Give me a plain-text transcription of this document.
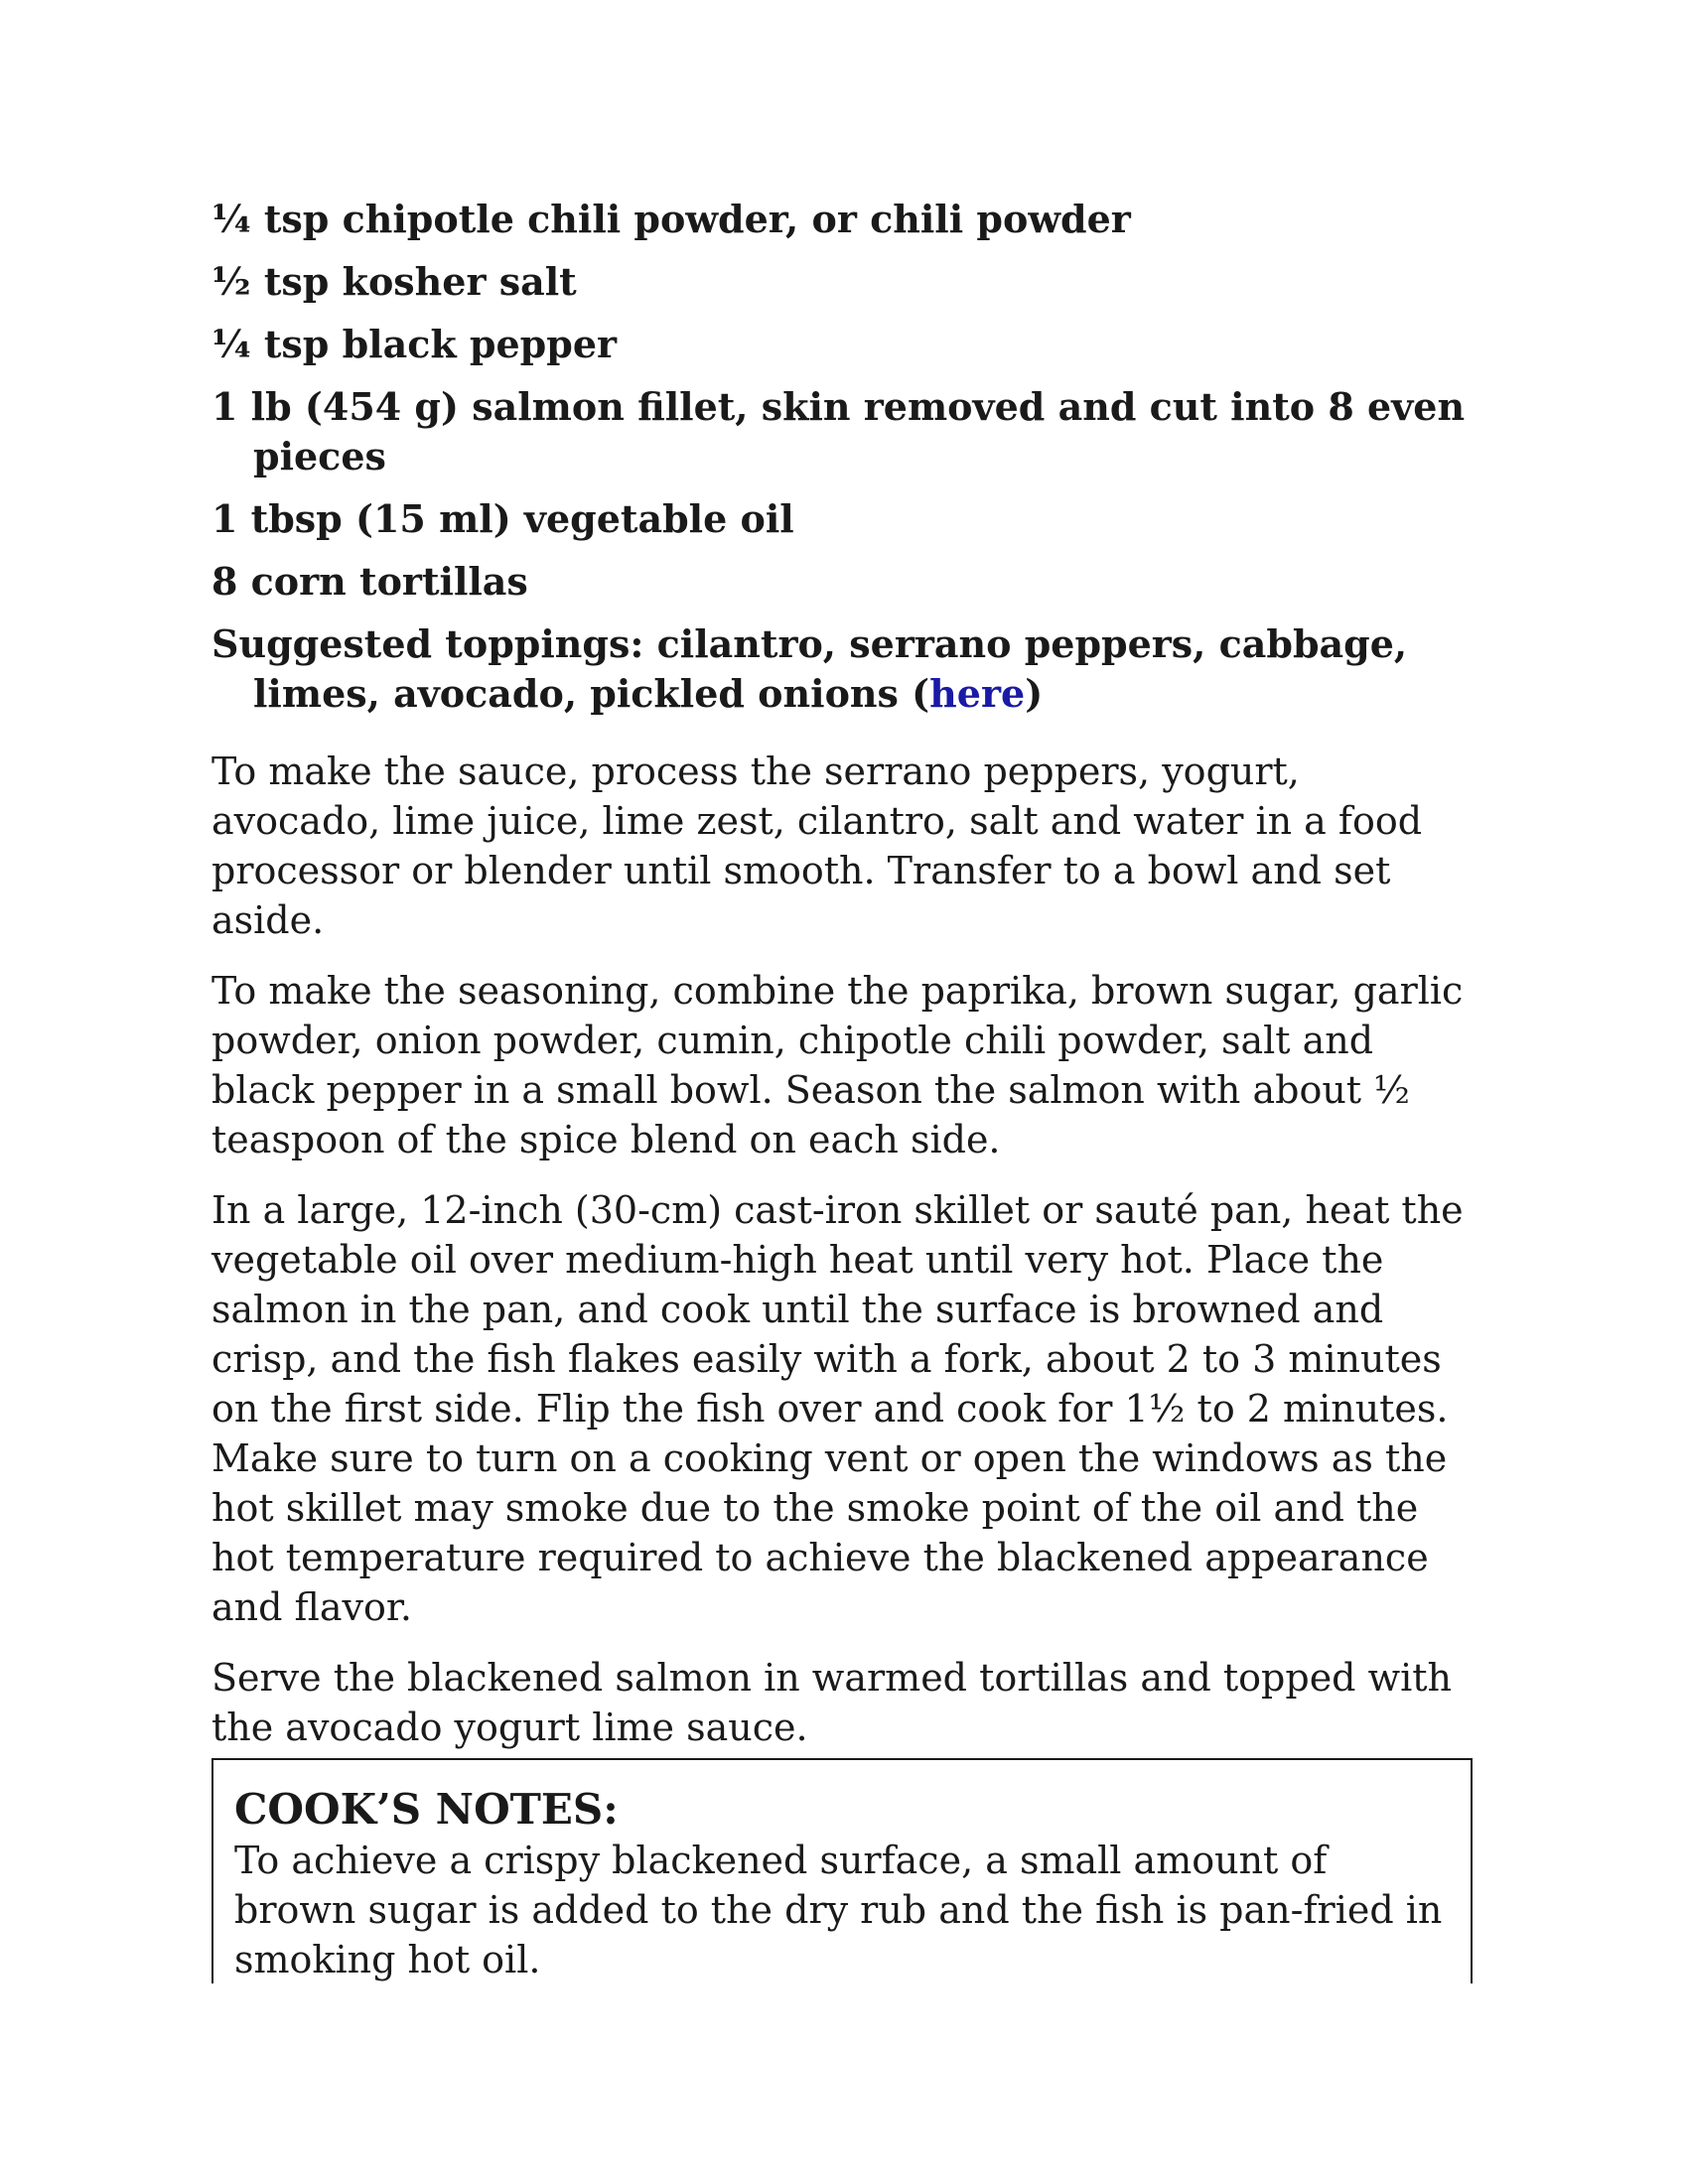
¼ tsp chipotle chili powder, or chili powder
½ tsp kosher salt
¼ tsp black pepper
1 lb (454 g) salmon fillet, skin removed and cut into 8 even pieces
1 tbsp (15 ml) vegetable oil
8 corn tortillas
Suggested toppings: cilantro, serrano peppers, cabbage, limes, avocado, pickled onions (here)

To make the sauce, process the serrano peppers, yogurt, avocado, lime juice, lime zest, cilantro, salt and water in a food processor or blender until smooth. Transfer to a bowl and set aside.

To make the seasoning, combine the paprika, brown sugar, garlic powder, onion powder, cumin, chipotle chili powder, salt and black pepper in a small bowl. Season the salmon with about ½ teaspoon of the spice blend on each side.

In a large, 12-inch (30-cm) cast-iron skillet or sauté pan, heat the vegetable oil over medium-high heat until very hot. Place the salmon in the pan, and cook until the surface is browned and crisp, and the fish flakes easily with a fork, about 2 to 3 minutes on the first side. Flip the fish over and cook for 1½ to 2 minutes. Make sure to turn on a cooking vent or open the windows as the hot skillet may smoke due to the smoke point of the oil and the hot temperature required to achieve the blackened appearance and flavor.

Serve the blackened salmon in warmed tortillas and topped with the avocado yogurt lime sauce.

COOK’S NOTES:

To achieve a crispy blackened surface, a small amount of brown sugar is added to the dry rub and the fish is pan-fried in smoking hot oil.
